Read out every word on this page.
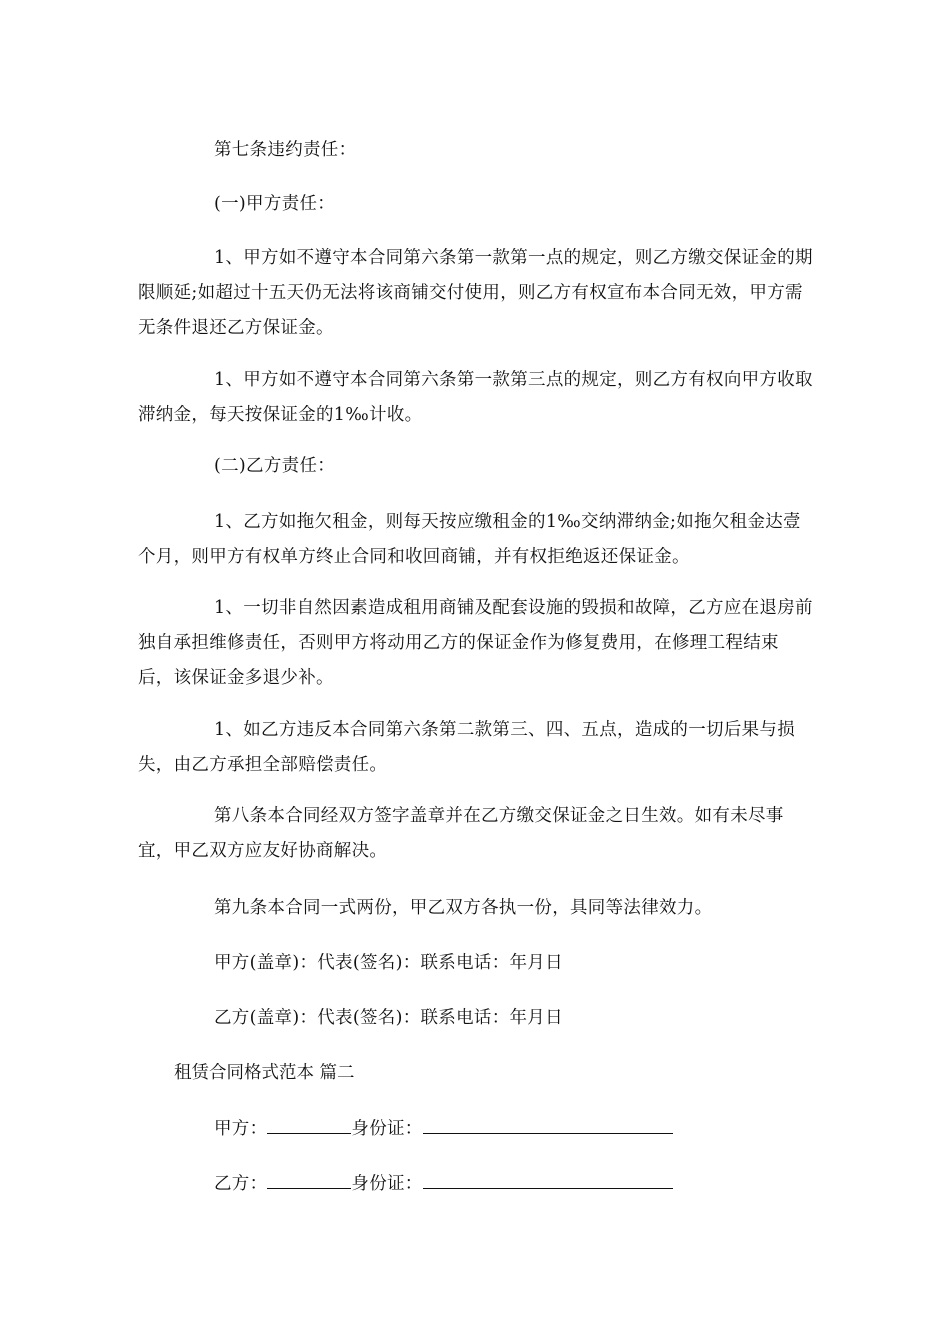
第七条违约责任：

(一)甲方责任：

1、甲方如不遵守本合同第六条第一款第一点的规定，则乙方缴交保证金的期限顺延;如超过十五天仍无法将该商铺交付使用，则乙方有权宣布本合同无效，甲方需无条件退还乙方保证金。

1、甲方如不遵守本合同第六条第一款第三点的规定，则乙方有权向甲方收取滞纳金，每天按保证金的1‰计收。

(二)乙方责任：

1、乙方如拖欠租金，则每天按应缴租金的1‰交纳滞纳金;如拖欠租金达壹个月，则甲方有权单方终止合同和收回商铺，并有权拒绝返还保证金。

1、一切非自然因素造成租用商铺及配套设施的毁损和故障，乙方应在退房前独自承担维修责任，否则甲方将动用乙方的保证金作为修复费用，在修理工程结束后，该保证金多退少补。

1、如乙方违反本合同第六条第二款第三、四、五点，造成的一切后果与损失，由乙方承担全部赔偿责任。

第八条本合同经双方签字盖章并在乙方缴交保证金之日生效。如有未尽事宜，甲乙双方应友好协商解决。

第九条本合同一式两份，甲乙双方各执一份，具同等法律效力。

甲方(盖章)：代表(签名)：联系电话：年月日

乙方(盖章)：代表(签名)：联系电话：年月日

租赁合同格式范本 篇二

甲方：	身份证：

乙方：	身份证：
